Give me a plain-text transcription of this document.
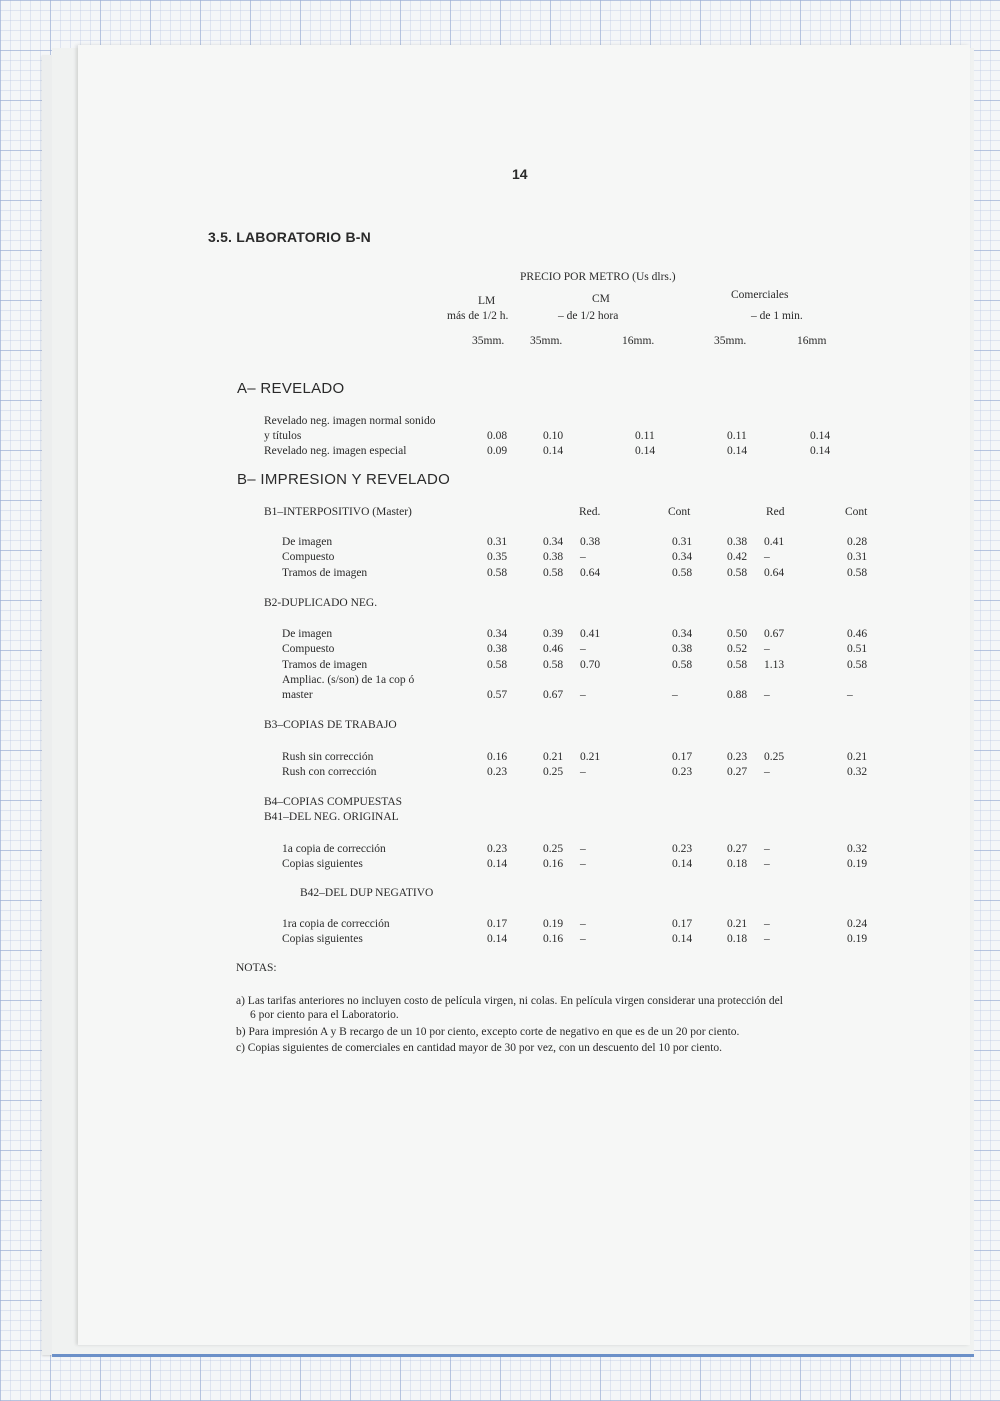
14
3.5. LABORATORIO B-N
PRECIO POR METRO (Us dlrs.)
LM
más de 1/2 h.
CM
– de 1/2 hora
Comerciales
– de 1 min.
35mm. 35mm.	16mm.	35mm.	16mm
A– REVELADO
Revelado neg. imagen normal sonido
y títulos	0.08	0.10	0.11	0.11	0.14
Revelado neg. imagen especial	0.09	0.14	0.14	0.14	0.14
B– IMPRESION Y REVELADO
B1–INTERPOSITIVO (Master)	Red.	Cont	Red	Cont
De imagen	0.31	0.34 0.38	0.31	0.38 0.41	0.28
Compuesto	0.35	0.38 –	0.34	0.42 –	0.31
Tramos de imagen	0.58	0.58 0.64	0.58	0.58 0.64	0.58
B2-DUPLICADO NEG.
De imagen	0.34	0.39 0.41	0.34	0.50 0.67	0.46
Compuesto	0.38	0.46 –	0.38	0.52 –	0.51
Tramos de imagen	0.58	0.58 0.70	0.58	0.58 1.13	0.58
Ampliac. (s/son) de 1a cop ó
master	0.57	0.67 –	–	0.88 –	–
B3–COPIAS DE TRABAJO
Rush sin corrección	0.16	0.21 0.21	0.17	0.23 0.25	0.21
Rush con corrección	0.23	0.25 –	0.23	0.27 –	0.32
B4–COPIAS COMPUESTAS
B41–DEL NEG. ORIGINAL
1a copia de corrección	0.23	0.25 –	0.23	0.27 –	0.32
Copias siguientes	0.14	0.16 –	0.14	0.18 –	0.19
B42–DEL DUP NEGATIVO
1ra copia de corrección	0.17	0.19 –	0.17	0.21 –	0.24
Copias siguientes	0.14	0.16 –	0.14	0.18 –	0.19
NOTAS:
a) Las tarifas anteriores no incluyen costo de película virgen, ni colas. En película virgen considerar una protección del
6 por ciento para el Laboratorio.
b) Para impresión A y B recargo de un 10 por ciento, excepto corte de negativo en que es de un 20 por ciento.
c) Copias siguientes de comerciales en cantidad mayor de 30 por vez, con un descuento del 10 por ciento.
